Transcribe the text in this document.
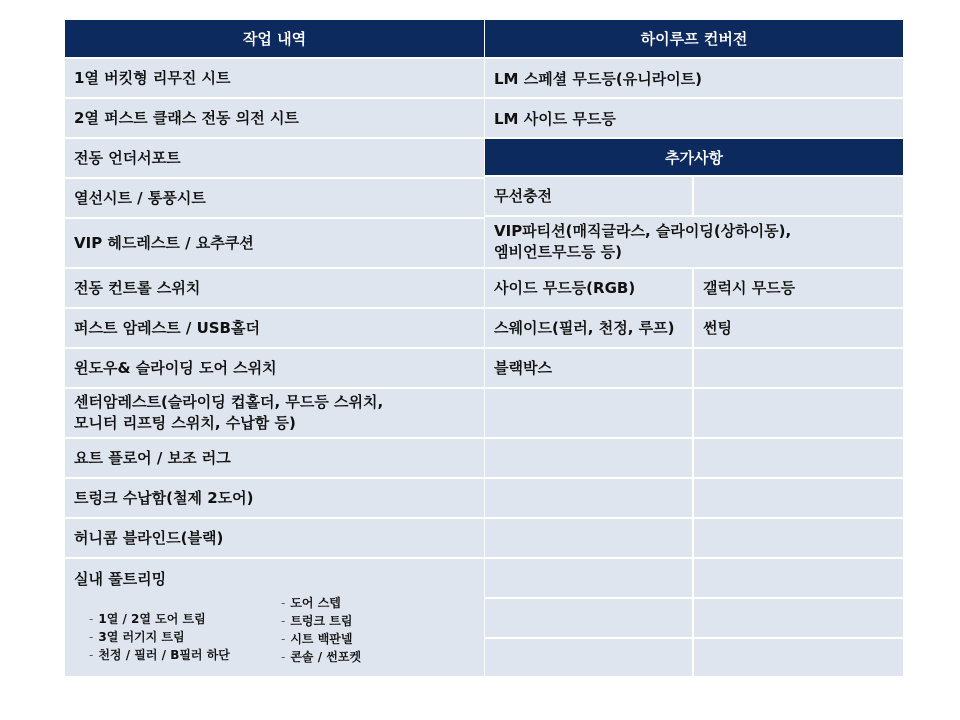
작업 내역
1열 버킷형 리무진 시트
2열 퍼스트 클래스 전동 의전 시트
전동 언더서포트
열선시트 / 통풍시트
VIP 헤드레스트 / 요추쿠션
전동 컨트롤 스위치
퍼스트 암레스트 / USB홀더
윈도우& 슬라이딩 도어 스위치
센터암레스트(슬라이딩 컵홀더, 무드등 스위치,
모니터 리프팅 스위치, 수납함 등)
요트 플로어 / 보조 러그
트렁크 수납함(철제 2도어)
허니콤 블라인드(블랙)
실내 풀트리밍
- 1열 / 2열 도어 트림
- 3열 러기지 트림
- 천정 / 필러 / B필러 하단
- 도어 스텝
- 트렁크 트림
- 시트 백판넬
- 콘솔 / 썬포켓
하이루프 컨버전
LM 스페셜 무드등(유니라이트)
LM 사이드 무드등
추가사항
무선충전
VIP파티션(매직글라스, 슬라이딩(상하이동),
엠비언트무드등 등)
사이드 무드등(RGB)	갤럭시 무드등
스웨이드(필러, 천정, 루프)	썬팅
블랙박스
